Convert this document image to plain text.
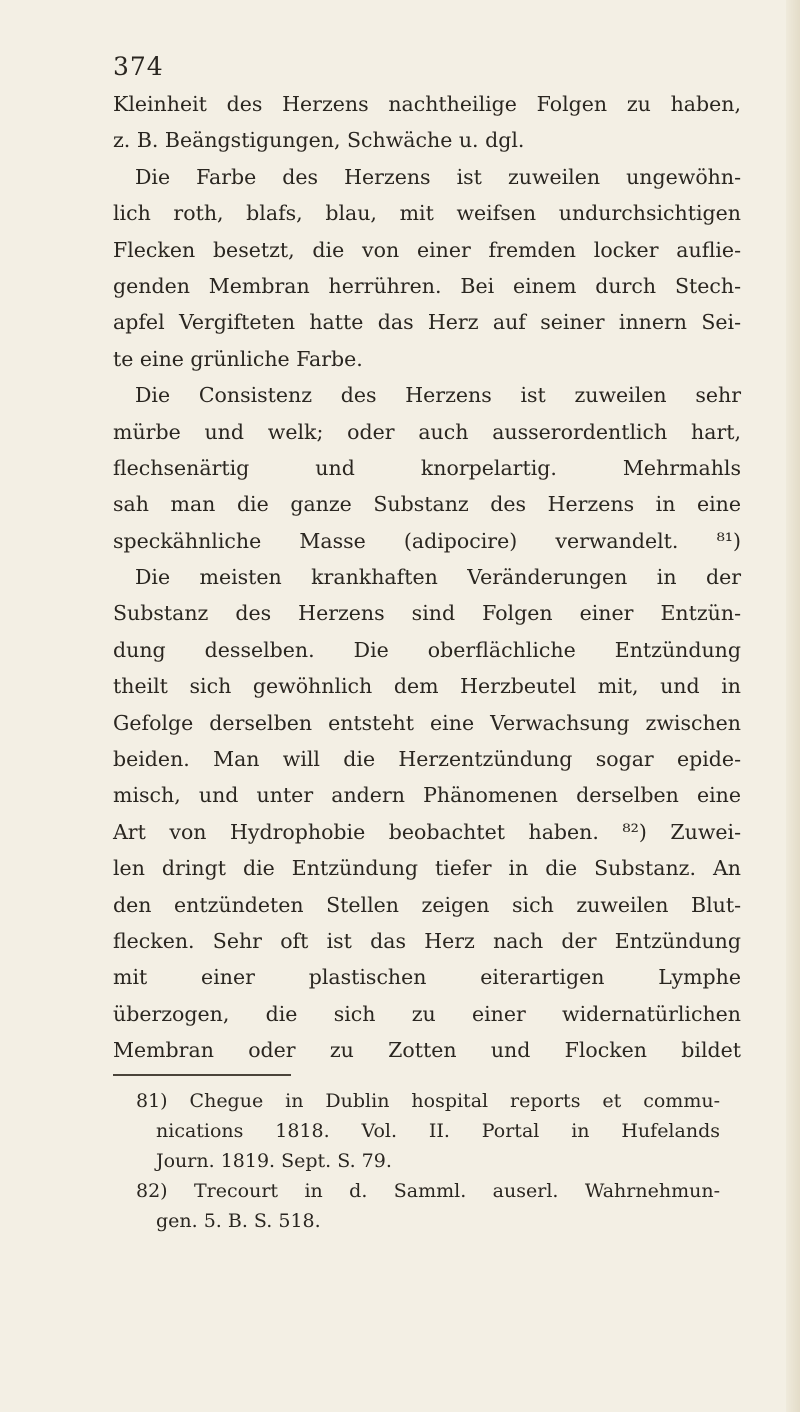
374
Kleinheit des Herzens nachtheilige Folgen zu haben,
z. B. Beängstigungen, Schwäche u. dgl.
Die Farbe des Herzens ist zuweilen ungewöhn-
lich roth, blafs, blau, mit weifsen undurchsichtigen
Flecken besetzt, die von einer fremden locker auflie-
genden Membran herrühren. Bei einem durch Stech-
apfel Vergifteten hatte das Herz auf seiner innern Sei-
te eine grünliche Farbe.
Die Consistenz des Herzens ist zuweilen sehr
mürbe und welk; oder auch ausserordentlich hart,
flechsenärtig und knorpelartig. Mehrmahls
sah man die ganze Substanz des Herzens in eine
speckähnliche Masse (adipocire) verwandelt. ⁸¹)
Die meisten krankhaften Veränderungen in der
Substanz des Herzens sind Folgen einer Entzün-
dung desselben. Die oberflächliche Entzündung
theilt sich gewöhnlich dem Herzbeutel mit, und in
Gefolge derselben entsteht eine Verwachsung zwischen
beiden. Man will die Herzentzündung sogar epide-
misch, und unter andern Phänomenen derselben eine
Art von Hydrophobie beobachtet haben. ⁸²) Zuwei-
len dringt die Entzündung tiefer in die Substanz. An
den entzündeten Stellen zeigen sich zuweilen Blut-
flecken. Sehr oft ist das Herz nach der Entzündung
mit einer plastischen eiterartigen Lymphe
überzogen, die sich zu einer widernatürlichen
Membran oder zu Zotten und Flocken bildet
81) Chegue in Dublin hospital reports et commu-
nications 1818. Vol. II. Portal in Hufelands
Journ. 1819. Sept. S. 79.
82) Trecourt in d. Samml. auserl. Wahrnehmun-
gen. 5. B. S. 518.
